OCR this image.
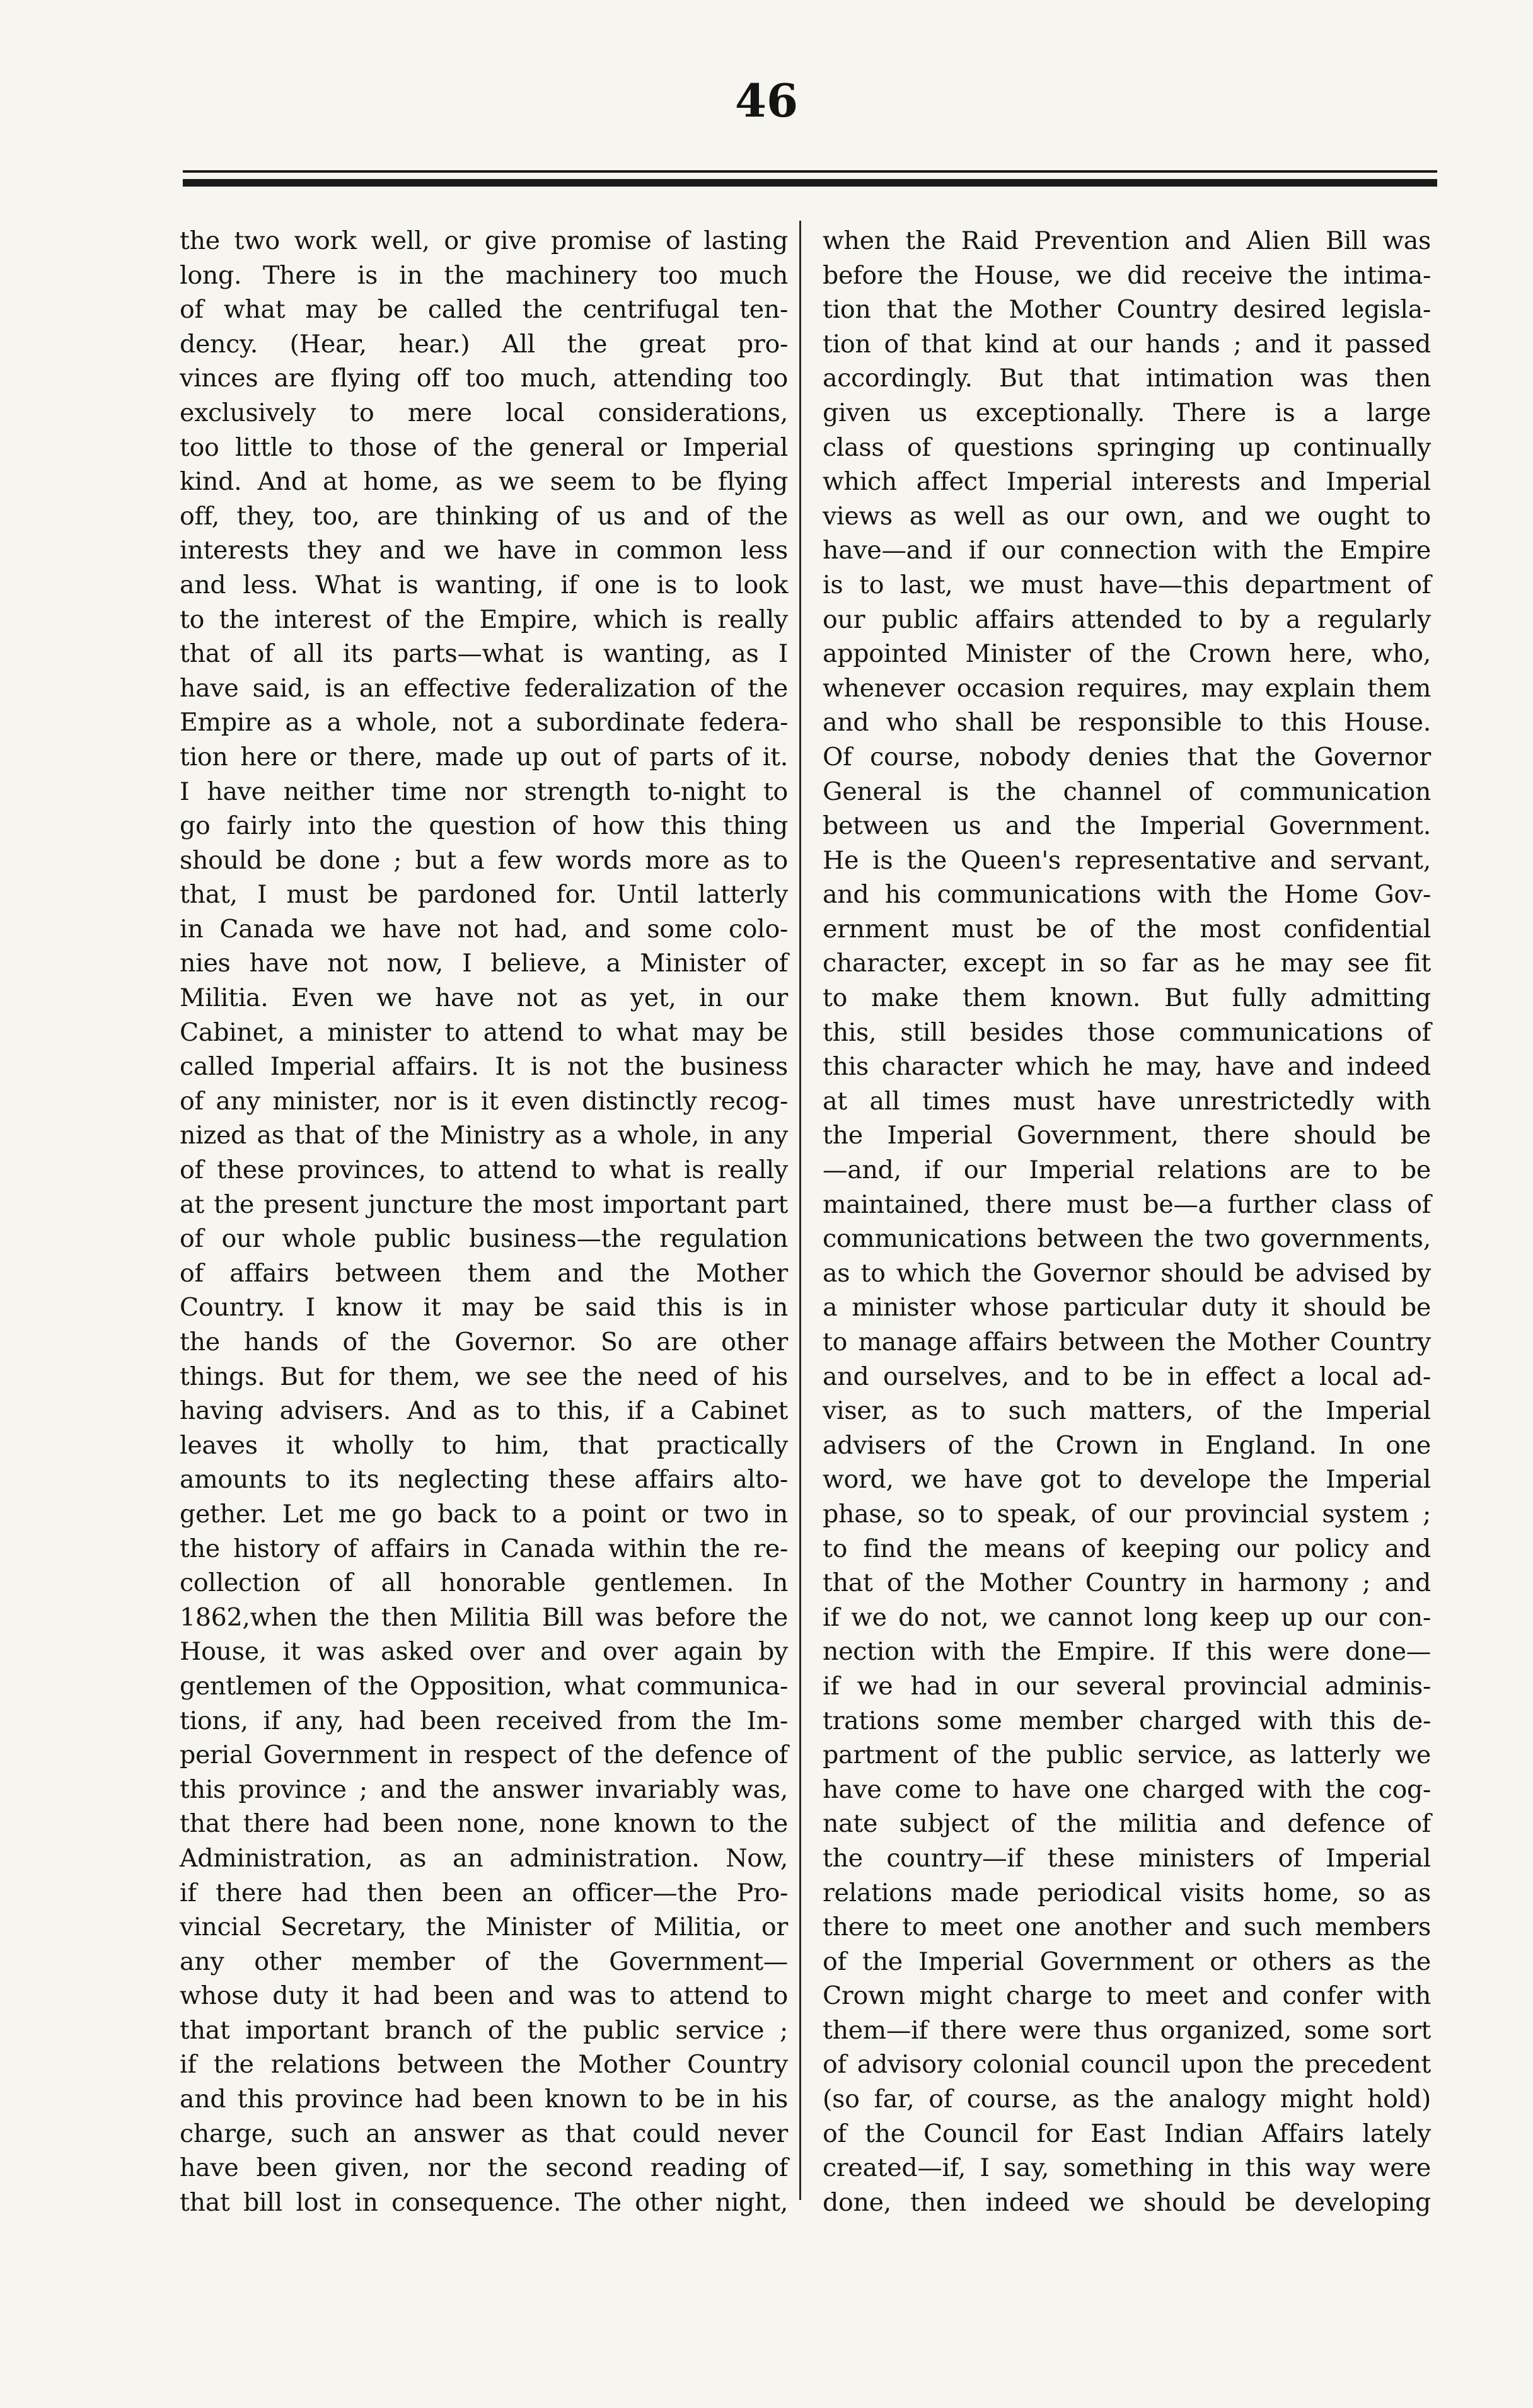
46
the two work well, or give promise of lasting
long. There is in the machinery too much
of what may be called the centrifugal ten-
dency. (Hear, hear.) All the great pro-
vinces are flying off too much, attending too
exclusively to mere local considerations,
too little to those of the general or Imperial
kind. And at home, as we seem to be flying
off, they, too, are thinking of us and of the
interests they and we have in common less
and less. What is wanting, if one is to look
to the interest of the Empire, which is really
that of all its parts—what is wanting, as I
have said, is an effective federalization of the
Empire as a whole, not a subordinate federa-
tion here or there, made up out of parts of it.
I have neither time nor strength to-night to
go fairly into the question of how this thing
should be done ; but a few words more as to
that, I must be pardoned for. Until latterly
in Canada we have not had, and some colo-
nies have not now, I believe, a Minister of
Militia. Even we have not as yet, in our
Cabinet, a minister to attend to what may be
called Imperial affairs. It is not the business
of any minister, nor is it even distinctly recog-
nized as that of the Ministry as a whole, in any
of these provinces, to attend to what is really
at the present juncture the most important part
of our whole public business—the regulation
of affairs between them and the Mother
Country. I know it may be said this is in
the hands of the Governor. So are other
things. But for them, we see the need of his
having advisers. And as to this, if a Cabinet
leaves it wholly to him, that practically
amounts to its neglecting these affairs alto-
gether. Let me go back to a point or two in
the history of affairs in Canada within the re-
collection of all honorable gentlemen. In
1862,when the then Militia Bill was before the
House, it was asked over and over again by
gentlemen of the Opposition, what communica-
tions, if any, had been received from the Im-
perial Government in respect of the defence of
this province ; and the answer invariably was,
that there had been none, none known to the
Administration, as an administration. Now,
if there had then been an officer—the Pro-
vincial Secretary, the Minister of Militia, or
any other member of the Government—
whose duty it had been and was to attend to
that important branch of the public service ;
if the relations between the Mother Country
and this province had been known to be in his
charge, such an answer as that could never
have been given, nor the second reading of
that bill lost in consequence. The other night,
when the Raid Prevention and Alien Bill was
before the House, we did receive the intima-
tion that the Mother Country desired legisla-
tion of that kind at our hands ; and it passed
accordingly. But that intimation was then
given us exceptionally. There is a large
class of questions springing up continually
which affect Imperial interests and Imperial
views as well as our own, and we ought to
have—and if our connection with the Empire
is to last, we must have—this department of
our public affairs attended to by a regularly
appointed Minister of the Crown here, who,
whenever occasion requires, may explain them
and who shall be responsible to this House.
Of course, nobody denies that the Governor
General is the channel of communication
between us and the Imperial Government.
He is the Queen's representative and servant,
and his communications with the Home Gov-
ernment must be of the most confidential
character, except in so far as he may see fit
to make them known. But fully admitting
this, still besides those communications of
this character which he may, have and indeed
at all times must have unrestrictedly with
the Imperial Government, there should be
—and, if our Imperial relations are to be
maintained, there must be—a further class of
communications between the two governments,
as to which the Governor should be advised by
a minister whose particular duty it should be
to manage affairs between the Mother Country
and ourselves, and to be in effect a local ad-
viser, as to such matters, of the Imperial
advisers of the Crown in England. In one
word, we have got to develope the Imperial
phase, so to speak, of our provincial system ;
to find the means of keeping our policy and
that of the Mother Country in harmony ; and
if we do not, we cannot long keep up our con-
nection with the Empire. If this were done—
if we had in our several provincial adminis-
trations some member charged with this de-
partment of the public service, as latterly we
have come to have one charged with the cog-
nate subject of the militia and defence of
the country—if these ministers of Imperial
relations made periodical visits home, so as
there to meet one another and such members
of the Imperial Government or others as the
Crown might charge to meet and confer with
them—if there were thus organized, some sort
of advisory colonial council upon the precedent
(so far, of course, as the analogy might hold)
of the Council for East Indian Affairs lately
created—if, I say, something in this way were
done, then indeed we should be developing
